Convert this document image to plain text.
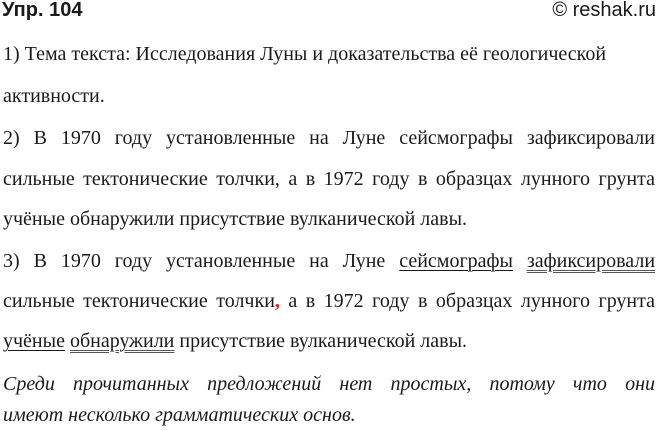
Упр. 104	© reshak.ru
1) Тема текста: Исследования Луны и доказательства её геологической
активности.
2) В 1970 году установленные на Луне сейсмографы зафиксировали
сильные тектонические толчки, а в 1972 году в образцах лунного грунта
учёные обнаружили присутствие вулканической лавы.
3) В 1970 году установленные на Луне сейсмографы зафиксировали
сильные тектонические толчки, а в 1972 году в образцах лунного грунта
учёные обнаружили присутствие вулканической лавы.
Среди прочитанных предложений нет простых, потому что они
имеют несколько грамматических основ.
